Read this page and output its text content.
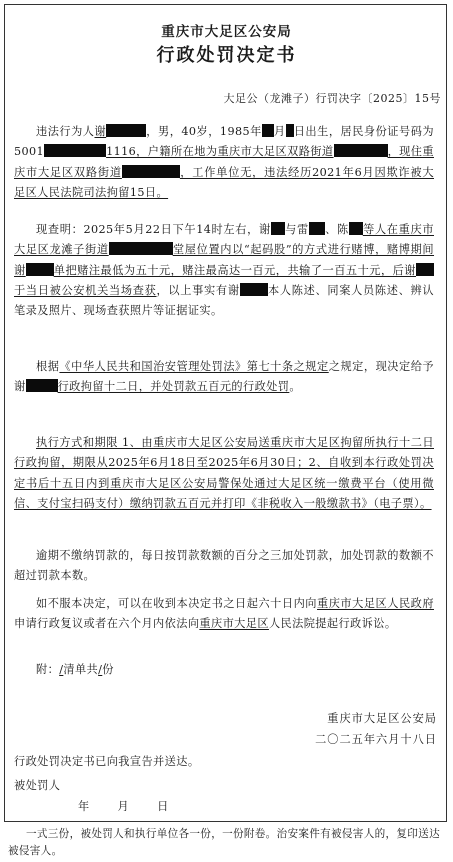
重庆市大足区公安局
行政处罚决定书
大足公（龙滩子）行罚决字〔2025〕15号
违法行为人谢	，男，40岁，1985年 月 日出生，居民身份证号码为5001	1116，户籍所在地为重庆市大足区双路街道	，现住重庆市大足区双路街道	，工作单位无，违法经历2021年6月因欺诈被大足区人民法院司法拘留15日。
现查明：2025年5月22日下午14时左右，谢 与雷 、陈 等人在重庆市大足区龙滩子街道	堂屋位置内以“起码股”的方式进行赌博，赌博期间谢	单把赌注最低为五十元，赌注最高达一百元，共输了一百五十元，后谢于当日被公安机关当场查获，以上事实有谢	本人陈述、同案人员陈述、辨认笔录及照片、现场查获照片等证据证实。
根据《中华人民共和国治安管理处罚法》第七十条之规定之规定，现决定给予谢	行政拘留十二日，并处罚款五百元的行政处罚。
执行方式和期限 1、由重庆市大足区公安局送重庆市大足区拘留所执行十二日行政拘留，期限从2025年6月18日至2025年6月30日；2、自收到本行政处罚决定书后十五日内到重庆市大足区公安局警保处通过大足区统一缴费平台（使用微信、支付宝扫码支付）缴纳罚款五百元并打印《非税收入一般缴款书》（电子票）。
逾期不缴纳罚款的，每日按罚款数额的百分之三加处罚款，加处罚款的数额不超过罚款本数。
如不服本决定，可以在收到本决定书之日起六十日内向重庆市大足区人民政府申请行政复议或者在六个月内依法向重庆市大足区人民法院提起行政诉讼。
附：/清单共/份
重庆市大足区公安局
二〇二五年六月十八日
行政处罚决定书已向我宣告并送达。
被处罚人
年 月 日
一式三份，被处罚人和执行单位各一份，一份附卷。治安案件有被侵害人的，复印送达被侵害人。
